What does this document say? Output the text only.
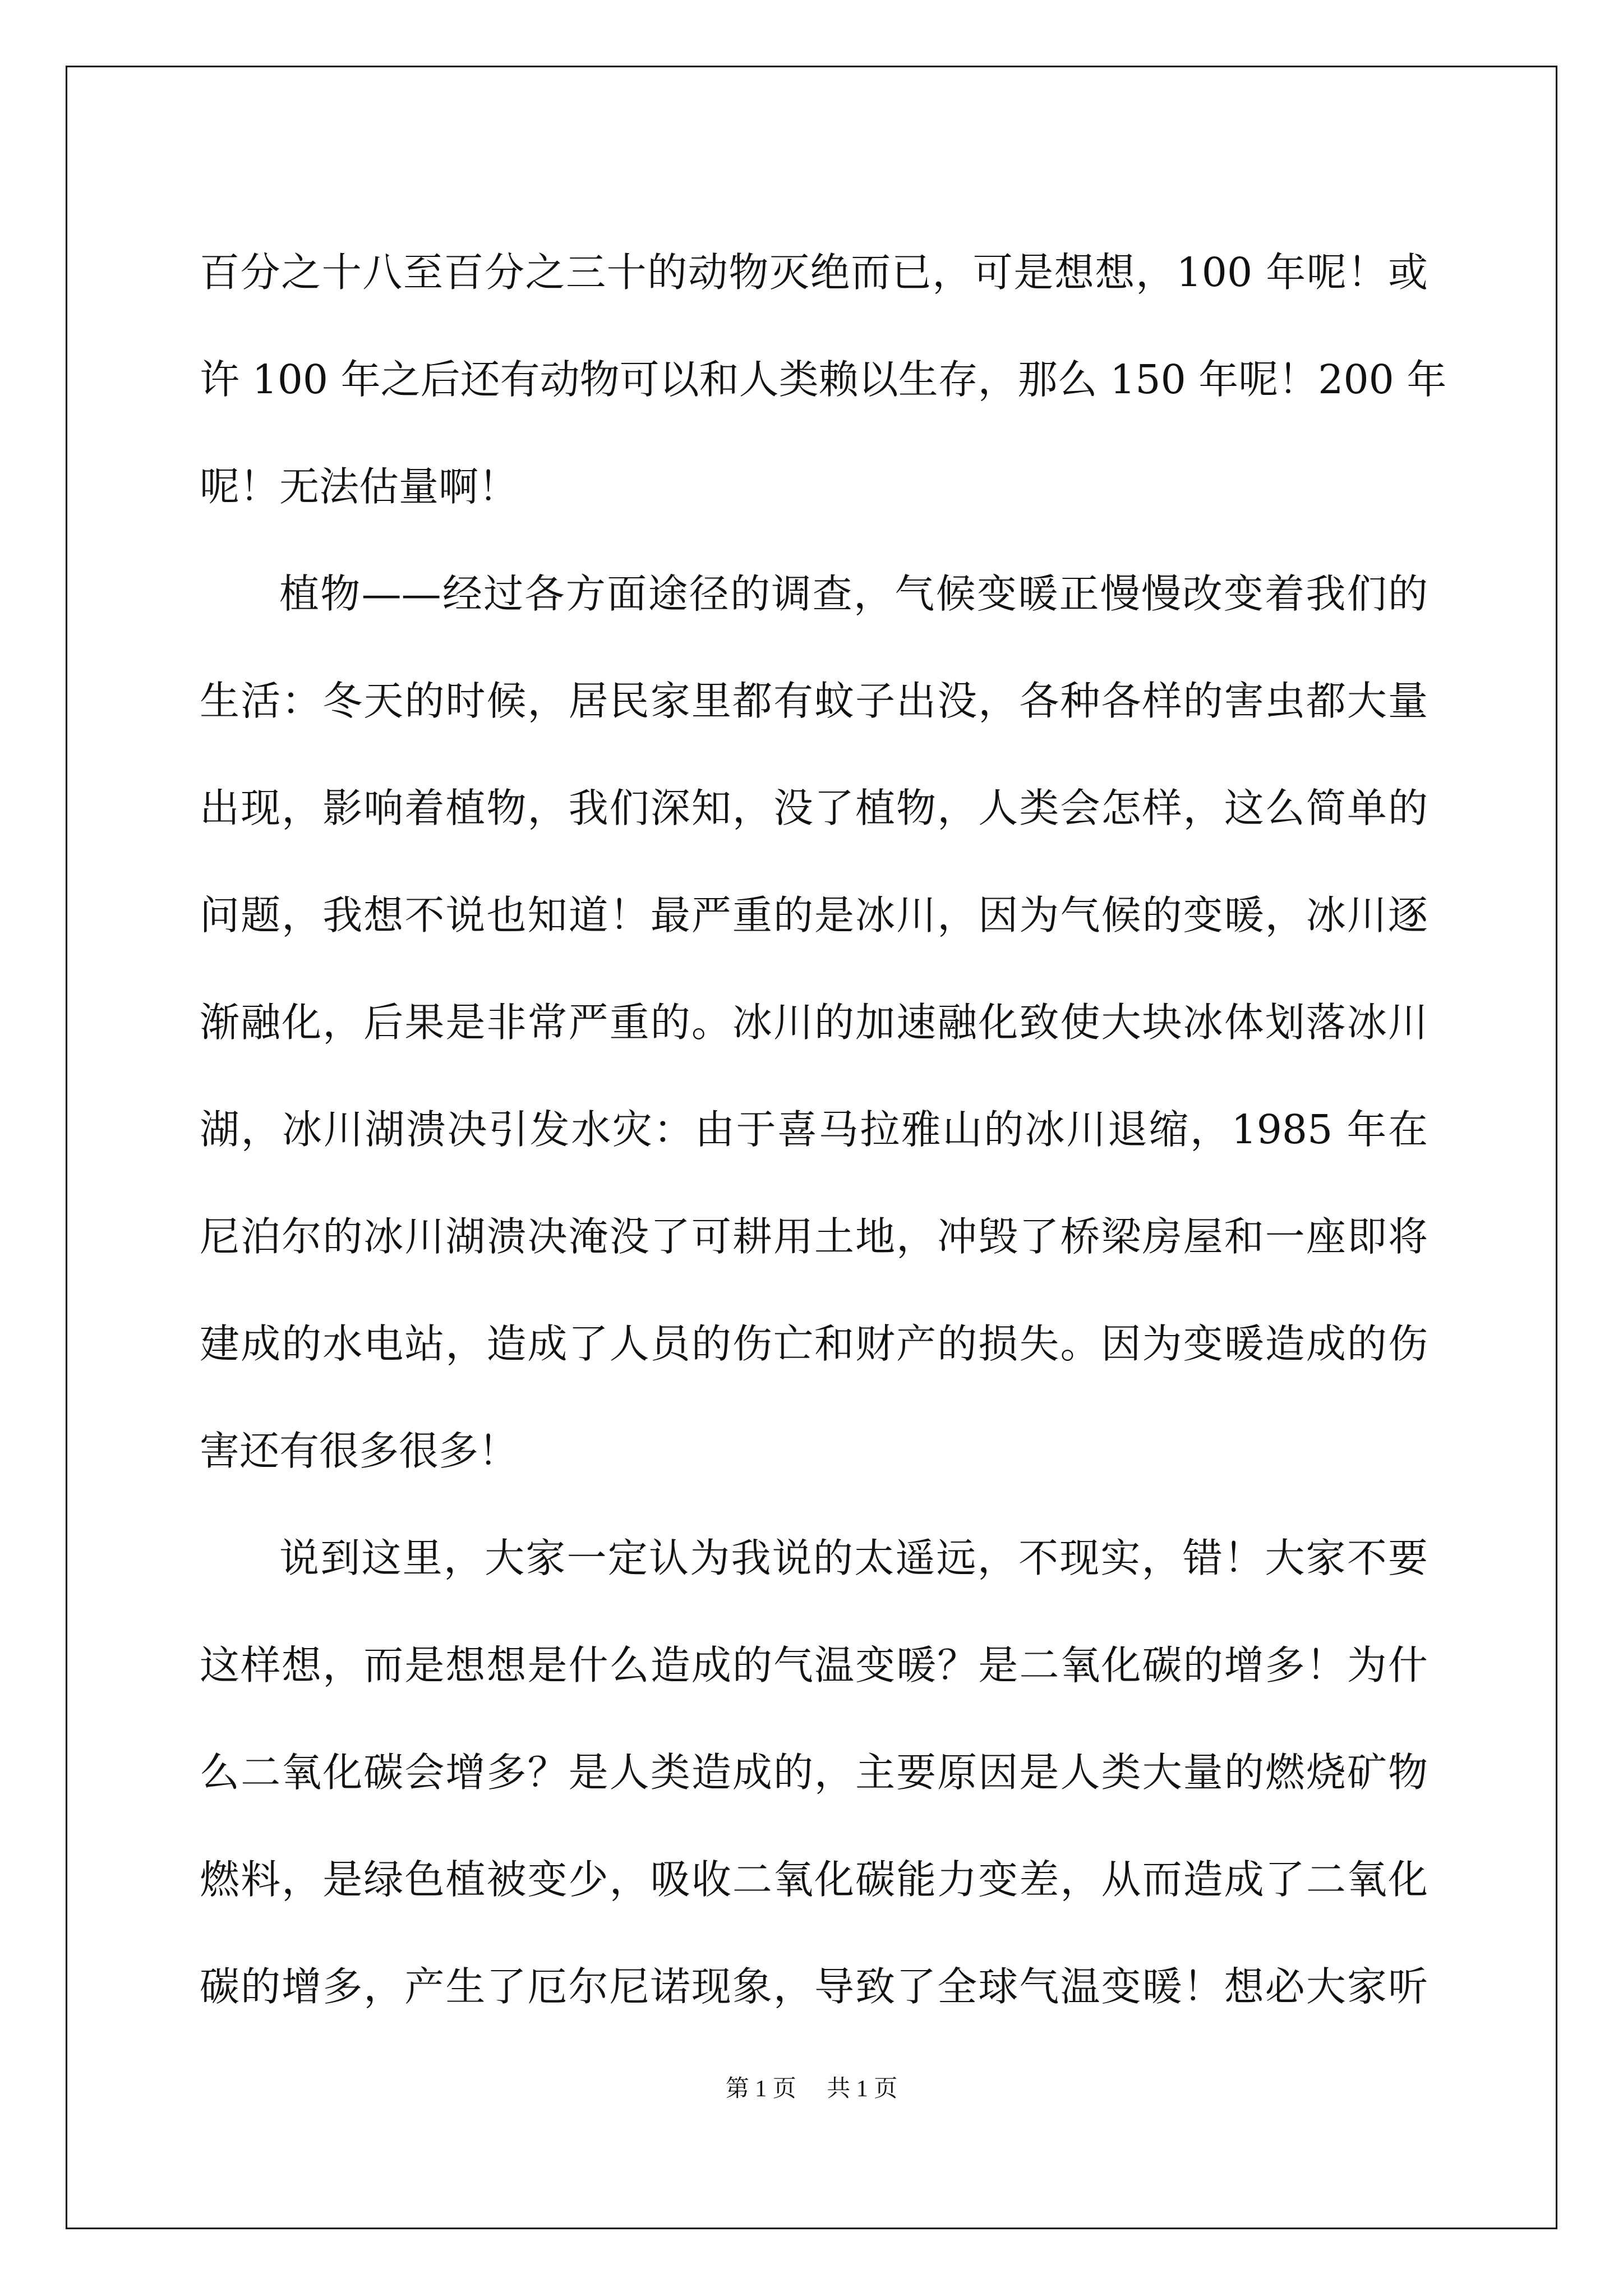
百分之十八至百分之三十的动物灭绝而已，可是想想，100 年呢！或
许 100 年之后还有动物可以和人类赖以生存，那么 150 年呢！200 年
呢！无法估量啊！
植物——经过各方面途径的调查，气候变暖正慢慢改变着我们的
生活：冬天的时候，居民家里都有蚊子出没，各种各样的害虫都大量
出现，影响着植物，我们深知，没了植物，人类会怎样，这么简单的
问题，我想不说也知道！最严重的是冰川，因为气候的变暖，冰川逐
渐融化，后果是非常严重的。冰川的加速融化致使大块冰体划落冰川
湖，冰川湖溃决引发水灾：由于喜马拉雅山的冰川退缩，1985 年在
尼泊尔的冰川湖溃决淹没了可耕用土地，冲毁了桥梁房屋和一座即将
建成的水电站，造成了人员的伤亡和财产的损失。因为变暖造成的伤
害还有很多很多！
说到这里，大家一定认为我说的太遥远，不现实，错！大家不要
这样想，而是想想是什么造成的气温变暖？是二氧化碳的增多！为什
么二氧化碳会增多？是人类造成的，主要原因是人类大量的燃烧矿物
燃料，是绿色植被变少，吸收二氧化碳能力变差，从而造成了二氧化
碳的增多，产生了厄尔尼诺现象，导致了全球气温变暖！想必大家听
第 1 页 共 1 页
